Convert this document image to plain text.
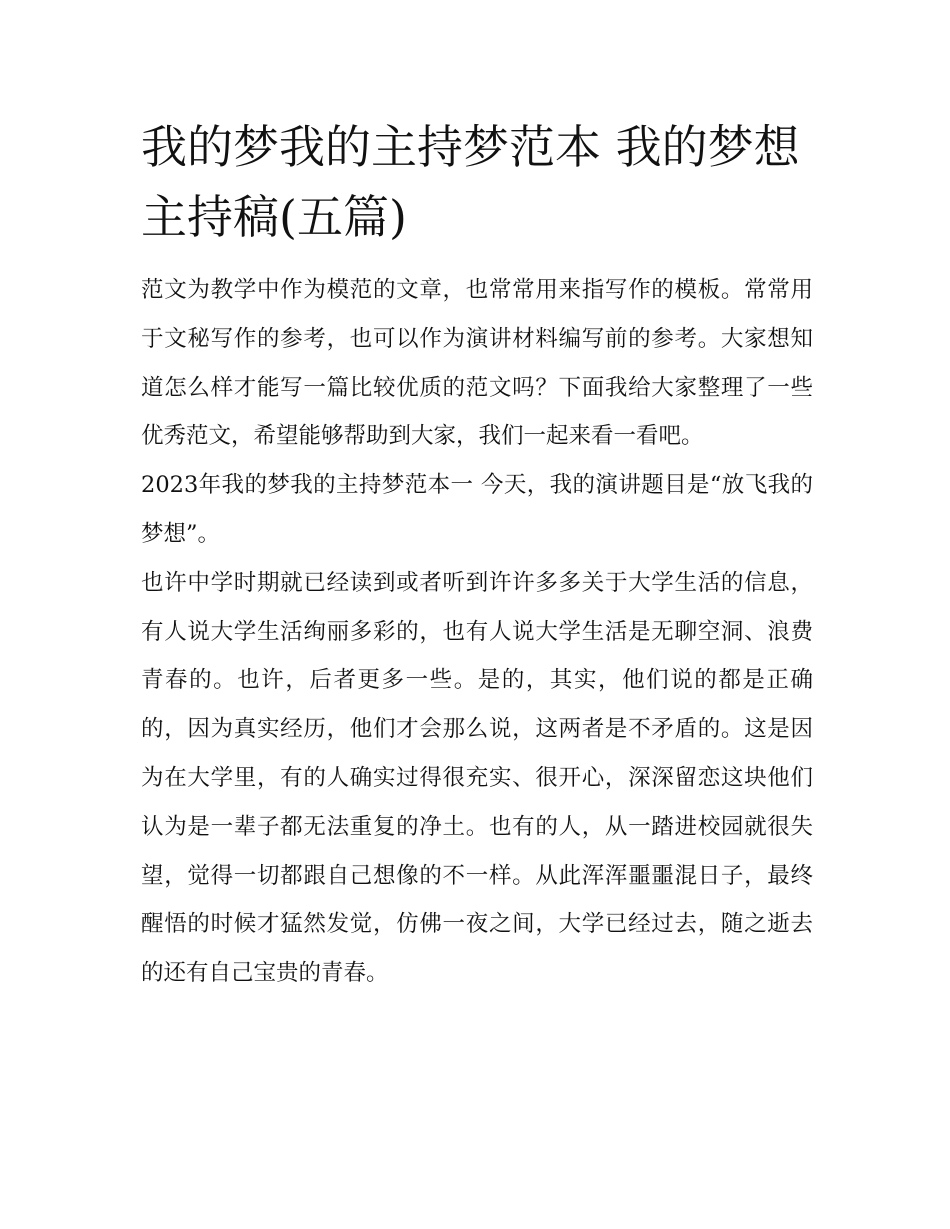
我的梦我的主持梦范本 我的梦想主持稿(五篇)

范文为教学中作为模范的文章，也常常用来指写作的模板。常常用于文秘写作的参考，也可以作为演讲材料编写前的参考。大家想知道怎么样才能写一篇比较优质的范文吗？下面我给大家整理了一些优秀范文，希望能够帮助到大家，我们一起来看一看吧。

2023年我的梦我的主持梦范本一 今天，我的演讲题目是“放飞我的梦想”。

也许中学时期就已经读到或者听到许许多多关于大学生活的信息，有人说大学生活绚丽多彩的，也有人说大学生活是无聊空洞、浪费青春的。也许，后者更多一些。是的，其实，他们说的都是正确的，因为真实经历，他们才会那么说，这两者是不矛盾的。这是因为在大学里，有的人确实过得很充实、很开心，深深留恋这块他们认为是一辈子都无法重复的净土。也有的人，从一踏进校园就很失望，觉得一切都跟自己想像的不一样。从此浑浑噩噩混日子，最终醒悟的时候才猛然发觉，仿佛一夜之间，大学已经过去，随之逝去的还有自己宝贵的青春。
